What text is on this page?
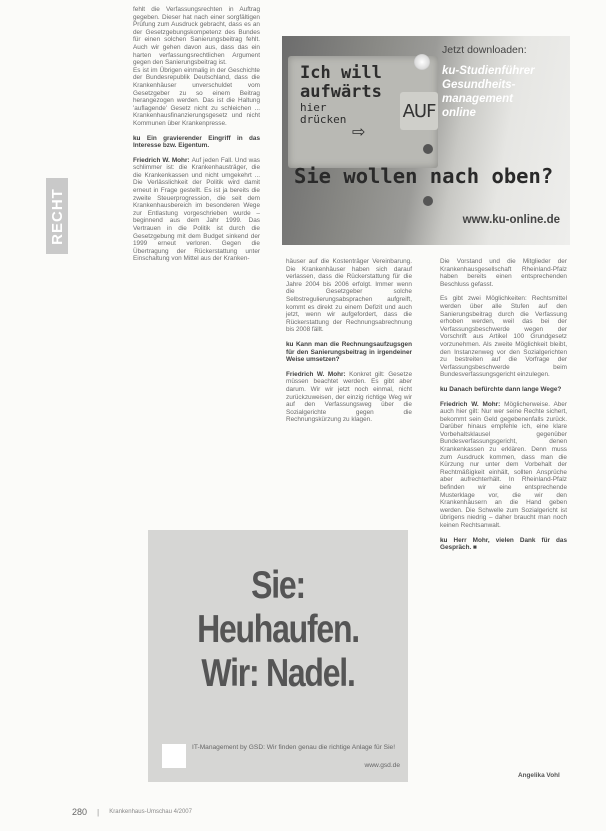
RECHT

fehlt die Verfassungsrechten in Auftrag gegeben. Dieser hat nach einer sorgfältigen Prüfung zum Ausdruck gebracht, dass es an der Gesetzgebungskompetenz des Bundes für einen solchen Sanierungsbeitrag fehlt. Auch wir gehen davon aus, dass das ein harten verfassungsrechtlichen Argument gegen den Sanierungsbeitrag ist.

Es ist im Übrigen einmalig in der Geschichte der Bundesrepublik Deutschland, dass die Krankenhäuser unverschuldet vom Gesetzgeber zu so einem Beitrag herangezogen werden. Das ist die Haltung 'auflagende' Gesetz nicht zu schleichen ... Krankenhausfinanzierungsgesetz und nicht Kommunen über Krankenpresse.

ku Ein gravierender Eingriff in das Interesse bzw. Eigentum.

Friedrich W. Mohr: Auf jeden Fall. Und was schlimmer ist: die Krankenhausträger, die die Krankenkassen und nicht umgekehrt ... Die Verlässlichkeit der Politik wird damit erneut in Frage gestellt. Es ist ja bereits die zweite Steuerprogression, die seit dem Krankenhausbereich im besonderen Wege zur Entlastung vorgeschrieben wurde – beginnend aus dem Jahr 1999. Das Vertrauen in die Politik ist durch die Gesetzgebung mit dem Budget sinkend der 1999 erneut verloren. Gegen die Übertragung der Rückerstattung unter Einschaltung von Mittel aus der Kranken-	häuser auf die Kostenträger Vereinbarung. Die Krankenhäuser haben sich darauf verlassen, dass die Rückerstattung für die Jahre 2004 bis 2006 erfolgt. Immer wenn die Gesetzgeber solche Selbstregulierungsabsprachen aufgreift, kommt es direkt zu einem Defizit und auch jetzt, wenn wir aufgefordert, dass die Rückerstattung der Rechnungsabrechnung bis 2008 fällt.

ku Kann man die Rechnungsaufzugsgen für den Sanierungsbeitrag in irgendeiner Weise umsetzen?

Friedrich W. Mohr: Konkret gilt: Gesetze müssen beachtet werden. Es gibt aber darum. Wir wir jetzt noch einmal, nicht zurückzuweisen, der einzig richtige Weg wir auf den Verfassungsweg über die Sozialgerichte gegen die Rechnungskürzung zu klagen.

Die Vorstand und die Mitglieder der Krankenhausgesellschaft Rheinland-Pfalz haben bereits einen entsprechenden Beschluss gefasst.

Es gibt zwei Möglichkeiten: Rechtsmittel werden über alle Stufen auf den Sanierungsbeitrag durch die Verfassung erhoben werden, weil das bei der Verfassungsbeschwerde wegen der Vorschrift aus Artikel 100 Grundgesetz vorzunehmen. Als zweite Möglichkeit bleibt, den Instanzenweg vor den Sozialgerichten zu bestreiten auf die Vorfrage der Verfassungsbeschwerde beim Bundesverfassungsgericht einzulegen.

ku Danach befürchte dann lange Wege?

Friedrich W. Mohr: Möglicherweise. Aber auch hier gilt: Nur wer seine Rechte sichert, bekommt sein Geld gegebenenfalls zurück. Darüber hinaus empfehle ich, eine klare Vorbehaltsklausel gegenüber Bundesverfassungsgericht, denen Krankenkassen zu erklären. Denn muss zum Ausdruck kommen, dass man die Kürzung nur unter dem Vorbehalt der Rechtmäßigkeit einhält, sollten Ansprüche aber aufrechterhält. In Rheinland-Pfalz befinden wir eine entsprechende Musterklage vor, die wir den Krankenhäusern an die Hand geben werden. Die Schwelle zum Sozialgericht ist übrigens niedrig – daher braucht man noch keinen Rechtsanwalt.

ku Herr Mohr, vielen Dank für das Gespräch. ■

Ich will
aufwärts

hier
drücken
⇨
AUF
Jetzt downloaden:
ku-Studienführer
Gesundheits-
management
online
Sie wollen nach oben?
www.ku-online.de
Sie: Heuhaufen.
Wir: Nadel.
IT-Management by GSD: Wir finden genau die richtige Anlage für Sie!
www.gsd.de
Angelika Vohl
280 | Krankenhaus-Umschau 4/2007
